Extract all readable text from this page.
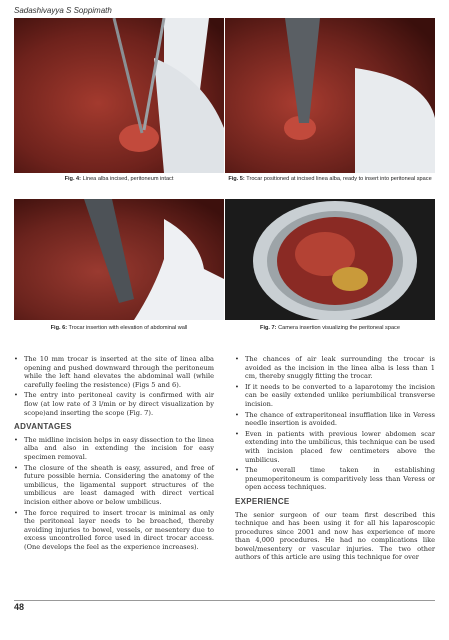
Sadashivayya S Soppimath
Fig. 4: Linea alba incised, peritoneum intact	Fig. 5: Trocar positioned at incised linea alba, ready to insert into peritoneal space
Fig. 6: Trocar insertion with elevation of abdominal wall	Fig. 7: Camera insertion visualizing the peritoneal space
• The 10 mm trocar is inserted at the site of linea alba opening and pushed downward through the peritoneum while the left hand elevates the abdominal wall (while carefully feeling the resistence) (Figs 5 and 6).
• The entry into peritoneal cavity is confirmed with air flow (at low rate of 3 l/min or by direct visualization by scope)and inserting the scope (Fig. 7).
ADVANTAGES
• The midline incision helps in easy dissection to the linea alba and also in extending the incision for easy specimen removal.
• The closure of the sheath is easy, assured, and free of future possible hernia. Considering the anatomy of the umbilicus, the ligamental support structures of the umbilicus are least damaged with direct vertical incision either above or below umbilicus.
• The force required to insert trocar is minimal as only the peritoneal layer needs to be breached, thereby avoiding injuries to bowel, vessels, or mesentery due to excess uncontrolled force used in direct trocar access. (One develops the feel as the experience increases).
• The chances of air leak surrounding the trocar is avoided as the incision in the linea alba is less than 1 cm, thereby snuggly fitting the trocar.
• If it needs to be converted to a laparotomy the incision can be easily extended unlike periumbilical transverse incision.
• The chance of extraperitoneal insufflation like in Veress needle insertion is avoided.
• Even in patients with previous lower abdomen scar extending into the umbilicus, this technique can be used with incision placed few centimeters above the umbilicus.
• The overall time taken in establishing pneumoperitoneum is comparitively less than Veress or open access techniques.
EXPERIENCE
The senior surgeon of our team first described this technique and has been using it for all his laparoscopic procedures since 2001 and now has experience of more than 4,000 procedures. He had no complications like bowel/mesentery or vascular injuries. The two other authors of this article are using this technique for over
48
